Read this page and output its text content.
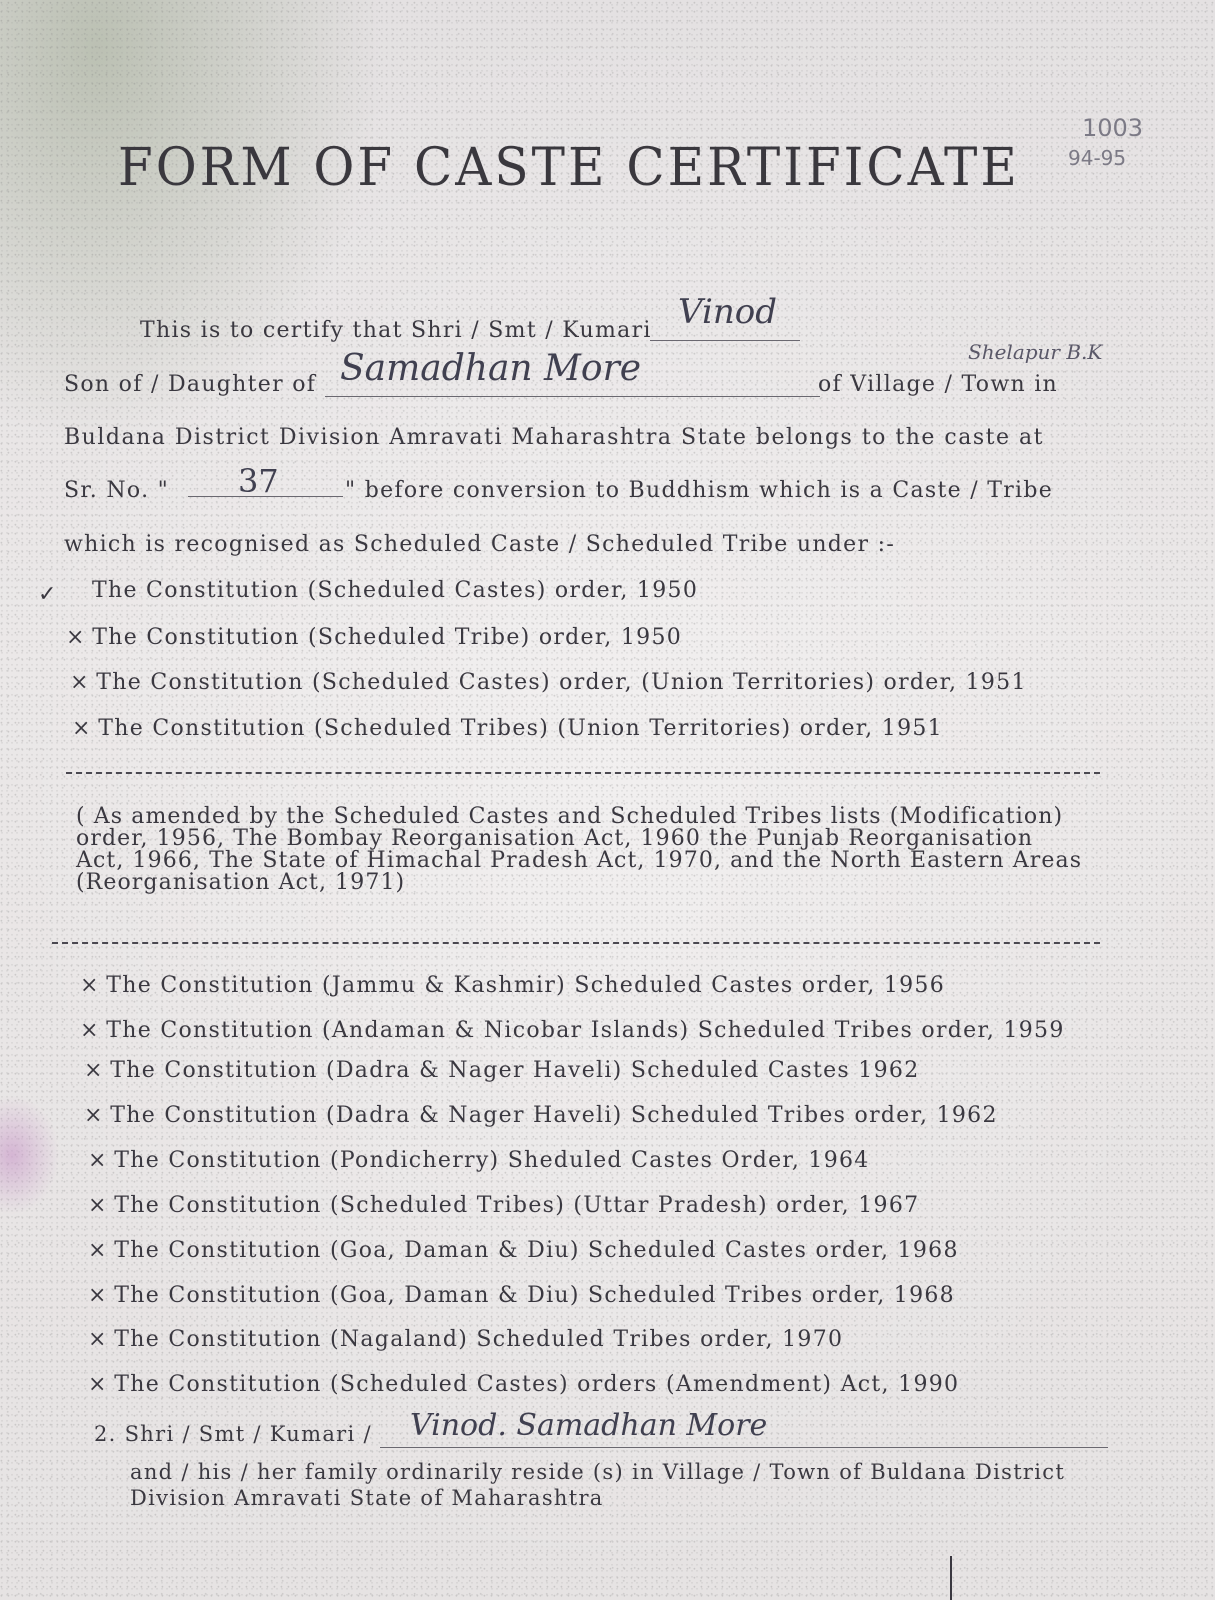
FORM OF CASTE CERTIFICATE
1003
94-95
This is to certify that Shri / Smt / Kumari Vinod
Shelapur B.K
Son of / Daughter of Samadhan More	of Village / Town in
Buldana District Division Amravati Maharashtra State belongs to the caste at
Sr. No. " 37	" before conversion to Buddhism which is a Caste / Tribe
which is recognised as Scheduled Caste / Scheduled Tribe under :-
✓ The Constitution (Scheduled Castes) order, 1950
× The Constitution (Scheduled Tribe) order, 1950
× The Constitution (Scheduled Castes) order, (Union Territories) order, 1951
× The Constitution (Scheduled Tribes) (Union Territories) order, 1951
( As amended by the Scheduled Castes and Scheduled Tribes lists (Modification) order, 1956, The Bombay Reorganisation Act, 1960 the Punjab Reorganisation Act, 1966, The State of Himachal Pradesh Act, 1970, and the North Eastern Areas (Reorganisation Act, 1971)
× The Constitution (Jammu & Kashmir) Scheduled Castes order, 1956
× The Constitution (Andaman & Nicobar Islands) Scheduled Tribes order, 1959
× The Constitution (Dadra & Nager Haveli) Scheduled Castes 1962
× The Constitution (Dadra & Nager Haveli) Scheduled Tribes order, 1962
× The Constitution (Pondicherry) Sheduled Castes Order, 1964
× The Constitution (Scheduled Tribes) (Uttar Pradesh) order, 1967
× The Constitution (Goa, Daman & Diu) Scheduled Castes order, 1968
× The Constitution (Goa, Daman & Diu) Scheduled Tribes order, 1968
× The Constitution (Nagaland) Scheduled Tribes order, 1970
× The Constitution (Scheduled Castes) orders (Amendment) Act, 1990
2. Shri / Smt / Kumari / Vinod. Samadhan More
and / his / her family ordinarily reside (s) in Village / Town of Buldana District
Division Amravati State of Maharashtra
